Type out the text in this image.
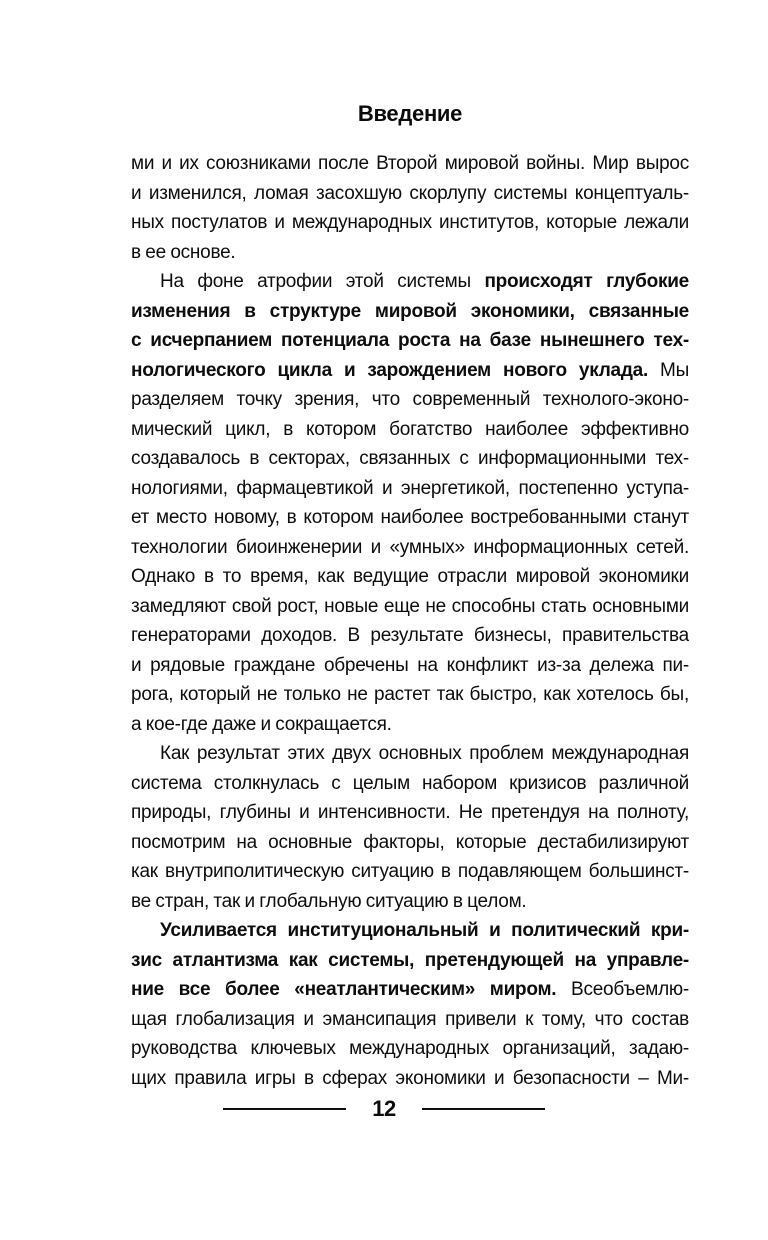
Введение
ми и их союзниками после Второй мировой войны. Мир вырос
и изменился, ломая засохшую скорлупу системы концептуаль-
ных постулатов и международных институтов, которые лежали
в ее основе.
На фоне атрофии этой системы происходят глубокие
изменения в структуре мировой экономики, связанные
с исчерпанием потенциала роста на базе нынешнего тех-
нологического цикла и зарождением нового уклада. Мы
разделяем точку зрения, что современный технолого-эконо-
мический цикл, в котором богатство наиболее эффективно
создавалось в секторах, связанных с информационными тех-
нологиями, фармацевтикой и энергетикой, постепенно уступа-
ет место новому, в котором наиболее востребованными станут
технологии биоинженерии и «умных» информационных сетей.
Однако в то время, как ведущие отрасли мировой экономики
замедляют свой рост, новые еще не способны стать основными
генераторами доходов. В результате бизнесы, правительства
и рядовые граждане обречены на конфликт из-за дележа пи-
рога, который не только не растет так быстро, как хотелось бы,
а кое-где даже и сокращается.
Как результат этих двух основных проблем международная
система столкнулась с целым набором кризисов различной
природы, глубины и интенсивности. Не претендуя на полноту,
посмотрим на основные факторы, которые дестабилизируют
как внутриполитическую ситуацию в подавляющем большинст-
ве стран, так и глобальную ситуацию в целом.
Усиливается институциональный и политический кри-
зис атлантизма как системы, претендующей на управле-
ние все более «неатлантическим» миром. Всеобъемлю-
щая глобализация и эмансипация привели к тому, что состав
руководства ключевых международных организаций, задаю-
щих правила игры в сферах экономики и безопасности – Ми-
12
